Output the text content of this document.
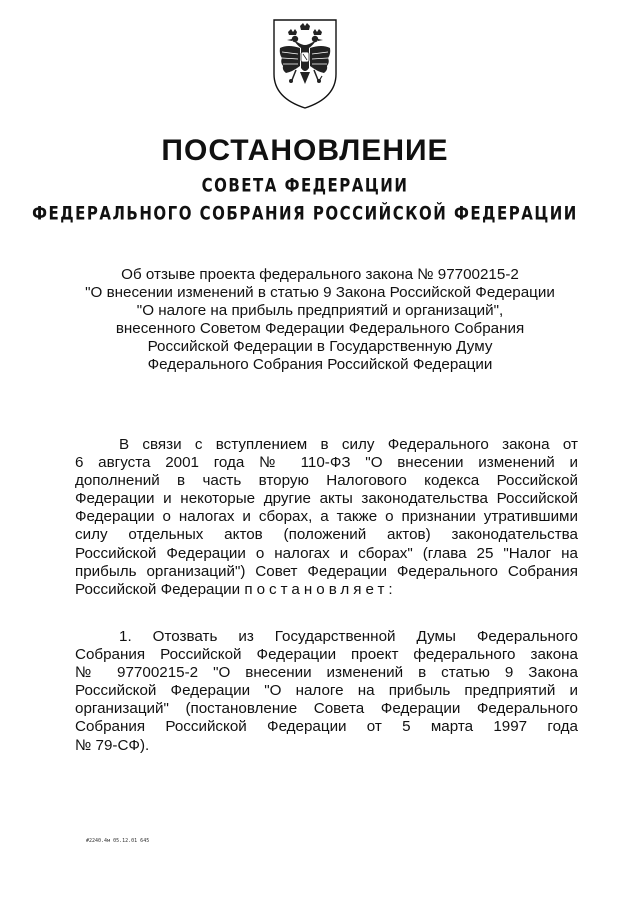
ПОСТАНОВЛЕНИЕ
СОВЕТА ФЕДЕРАЦИИ
ФЕДЕРАЛЬНОГО СОБРАНИЯ РОССИЙСКОЙ ФЕДЕРАЦИИ
Об отзыве проекта федерального закона № 97700215-2
"О внесении изменений в статью 9 Закона Российской Федерации
"О налоге на прибыль предприятий и организаций",
внесенного Советом Федерации Федерального Собрания
Российской Федерации в Государственную Думу
Федерального Собрания Российской Федерации
В связи с вступлением в силу Федерального закона от
6 августа 2001 года № 110-ФЗ "О внесении изменений и
дополнений в часть вторую Налогового кодекса Российской
Федерации и некоторые другие акты законодательства Российской
Федерации о налогах и сборах, а также о признании утратившими
силу отдельных актов (положений актов) законодательства
Российской Федерации о налогах и сборах" (глава 25 "Налог на
прибыль организаций") Совет Федерации Федерального Собрания
Российской Федерации постановляет:
1. Отозвать из Государственной Думы Федерального
Собрания Российской Федерации проект федерального закона
№ 97700215-2 "О внесении изменений в статью 9 Закона
Российской Федерации "О налоге на прибыль предприятий и
организаций" (постановление Совета Федерации Федерального
Собрания Российской Федерации от 5 марта 1997 года
№ 79-СФ).
#2240.4м 05.12.01 645
